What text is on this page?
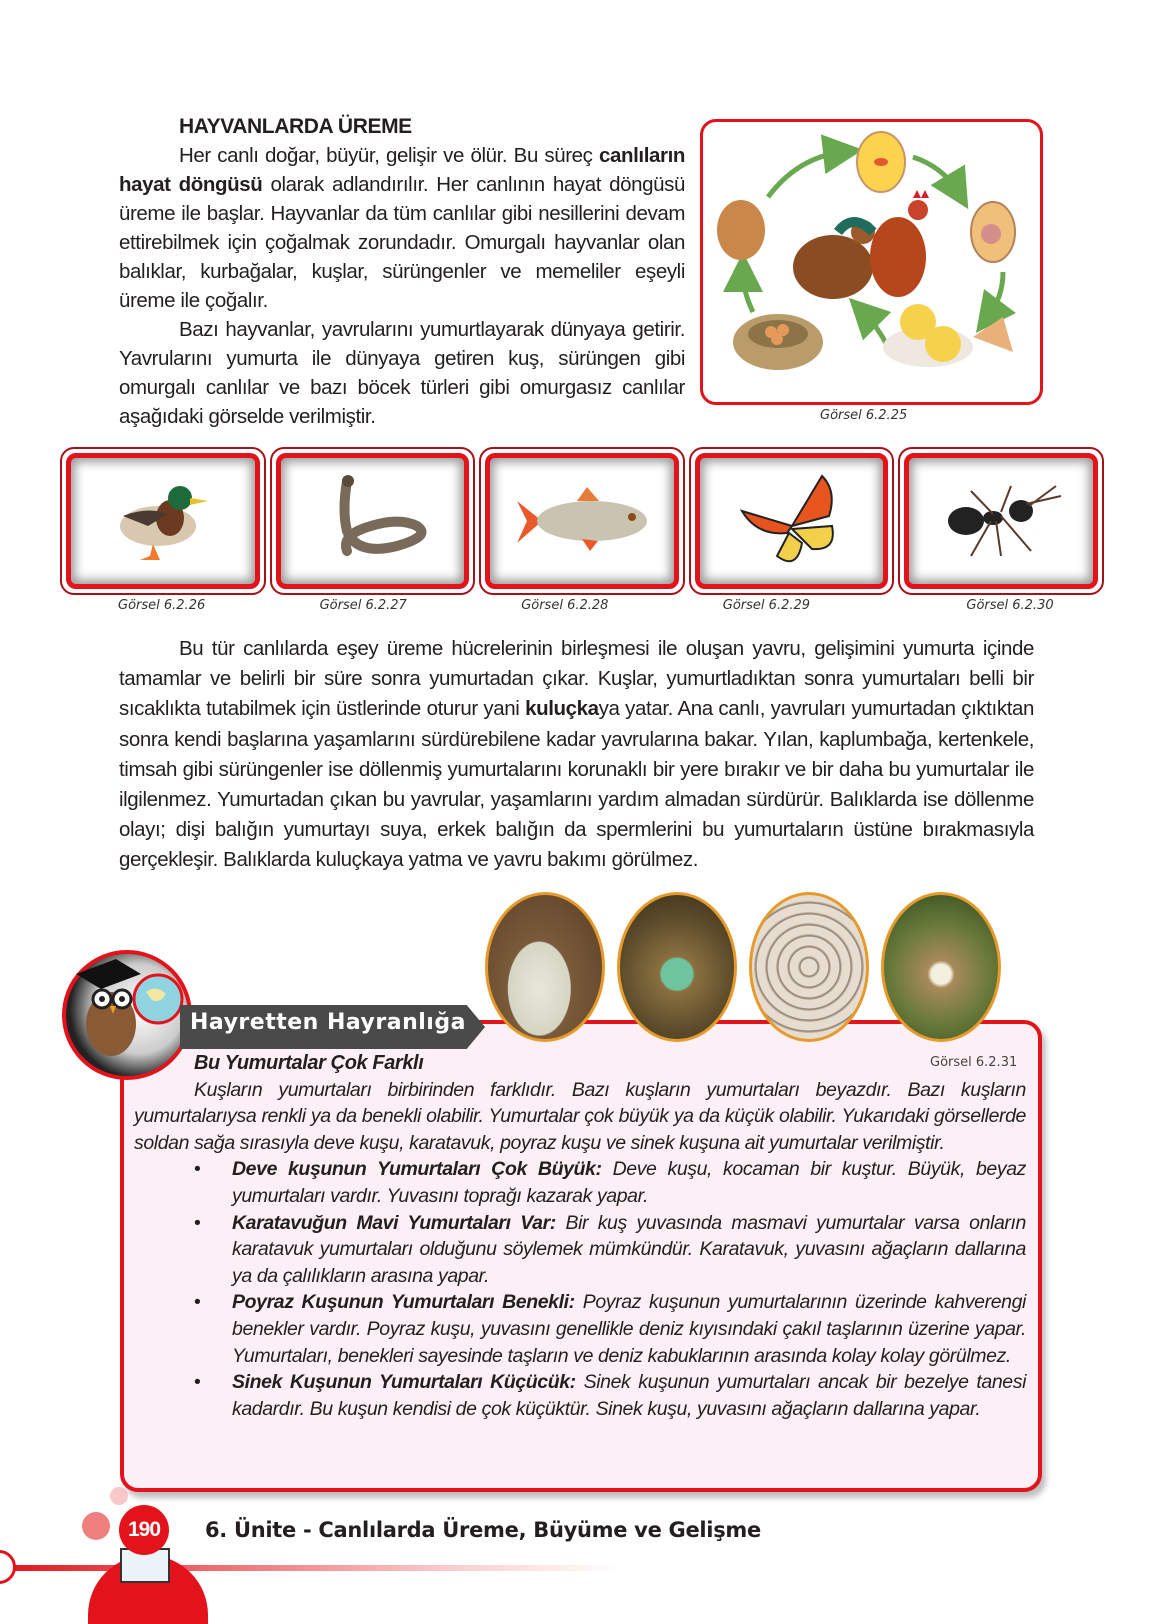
HAYVANLARDA ÜREME

Her canlı doğar, büyür, gelişir ve ölür. Bu süreç canlıların hayat döngüsü olarak adlandırılır. Her canlının hayat döngüsü üreme ile başlar. Hayvanlar da tüm canlılar gibi nesillerini devam ettirebilmek için çoğalmak zorundadır. Omurgalı hayvanlar olan balıklar, kurbağalar, kuşlar, sürüngenler ve memeliler eşeyli üreme ile çoğalır.

Bazı hayvanlar, yavrularını yumurtlayarak dünyaya getirir. Yavrularını yumurta ile dünyaya getiren kuş, sürüngen gibi omurgalı canlılar ve bazı böcek türleri gibi omurgasız canlılar aşağıdaki görselde verilmiştir.	Görsel 6.2.25
Görsel 6.2.26	Görsel 6.2.27	Görsel 6.2.28	Görsel 6.2.29	Görsel 6.2.30

Bu tür canlılarda eşey üreme hücrelerinin birleşmesi ile oluşan yavru, gelişimini yumurta içinde tamamlar ve belirli bir süre sonra yumurtadan çıkar. Kuşlar, yumurtladıktan sonra yumurtaları belli bir sıcaklıkta tutabilmek için üstlerinde oturur yani kuluçkaya yatar. Ana canlı, yavruları yumurtadan çıktıktan sonra kendi başlarına yaşamlarını sürdürebilene kadar yavrularına bakar. Yılan, kaplumbağa, kertenkele, timsah gibi sürüngenler ise döllenmiş yumurtalarını korunaklı bir yere bırakır ve bir daha bu yumurtalar ile ilgilenmez. Yumurtadan çıkan bu yavrular, yaşamlarını yardım almadan sürdürür. Balıklarda ise döllenme olayı; dişi balığın yumurtayı suya, erkek balığın da spermlerini bu yumurtaların üstüne bırakmasıyla gerçekleşir. Balıklarda kuluçkaya yatma ve yavru bakımı görülmez.

Hayretten Hayranlığa
Görsel 6.2.31
Bu Yumurtalar Çok Farklı

Kuşların yumurtaları birbirinden farklıdır. Bazı kuşların yumurtaları beyazdır. Bazı kuşların yumurtalarıysa renkli ya da benekli olabilir. Yumurtalar çok büyük ya da küçük olabilir. Yukarıdaki görsellerde soldan sağa sırasıyla deve kuşu, karatavuk, poyraz kuşu ve sinek kuşuna ait yumurtalar verilmiştir.

• Deve kuşunun Yumurtaları Çok Büyük: Deve kuşu, kocaman bir kuştur. Büyük, beyaz yumurtaları vardır. Yuvasını toprağı kazarak yapar.
• Karatavuğun Mavi Yumurtaları Var: Bir kuş yuvasında masmavi yumurtalar varsa onların karatavuk yumurtaları olduğunu söylemek mümkündür. Karatavuk, yuvasını ağaçların dallarına ya da çalılıkların arasına yapar.
• Poyraz Kuşunun Yumurtaları Benekli: Poyraz kuşunun yumurtalarının üzerinde kahverengi benekler vardır. Poyraz kuşu, yuvasını genellikle deniz kıyısındaki çakıl taşlarının üzerine yapar. Yumurtaları, benekleri sayesinde taşların ve deniz kabuklarının arasında kolay kolay görülmez.
• Sinek Kuşunun Yumurtaları Küçücük: Sinek kuşunun yumurtaları ancak bir bezelye tanesi kadardır. Bu kuşun kendisi de çok küçüktür. Sinek kuşu, yuvasını ağaçların dallarına yapar.
190	6. Ünite - Canlılarda Üreme, Büyüme ve Gelişme
